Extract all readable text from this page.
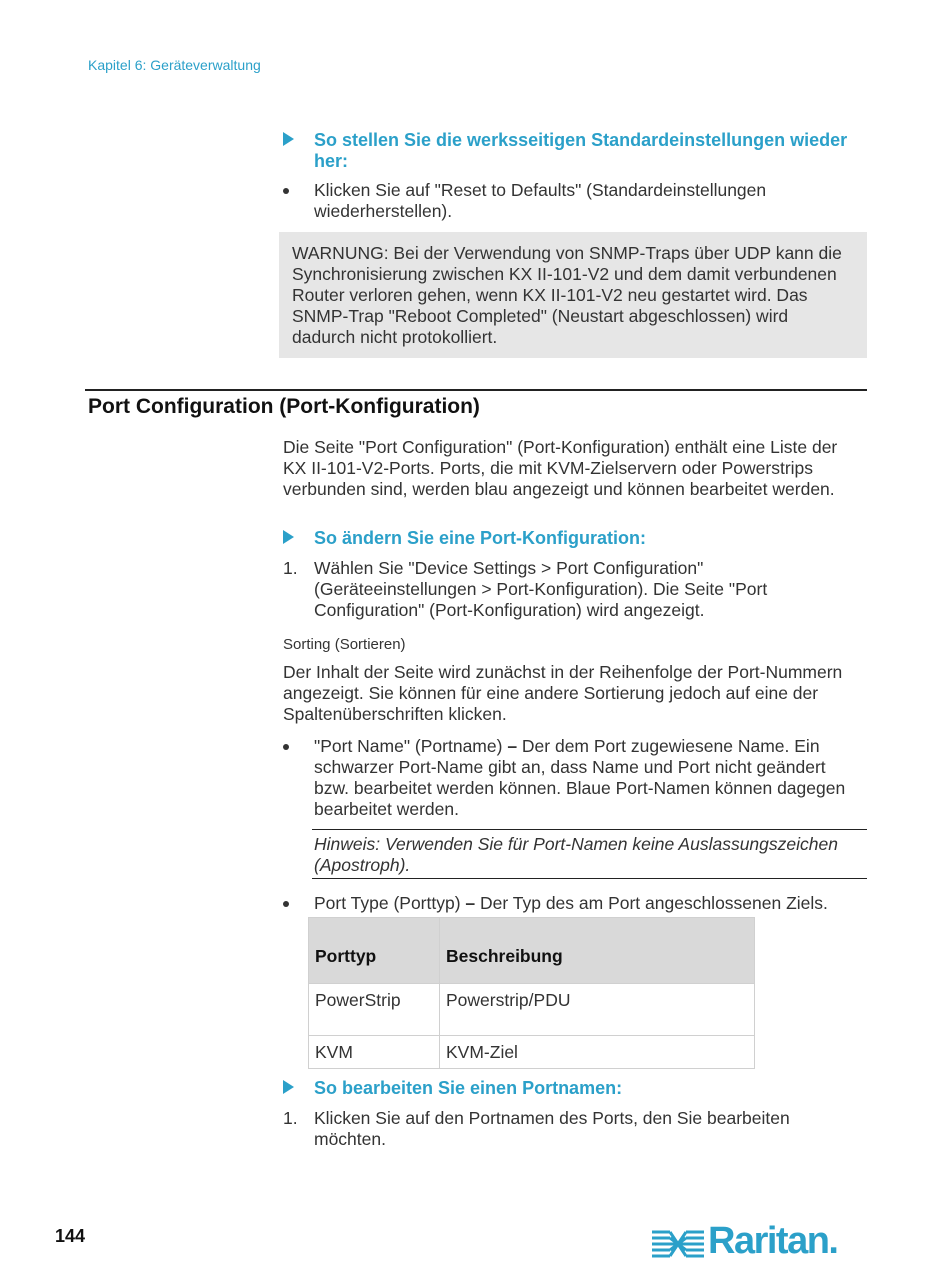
Kapitel 6: Geräteverwaltung
So stellen Sie die werksseitigen Standardeinstellungen wieder her:
Klicken Sie auf "Reset to Defaults" (Standardeinstellungen wiederherstellen).
WARNUNG: Bei der Verwendung von SNMP-Traps über UDP kann die Synchronisierung zwischen KX II-101-V2 und dem damit verbundenen Router verloren gehen, wenn KX II-101-V2 neu gestartet wird. Das SNMP-Trap "Reboot Completed" (Neustart abgeschlossen) wird dadurch nicht protokolliert.
Port Configuration (Port-Konfiguration)
Die Seite "Port Configuration" (Port-Konfiguration) enthält eine Liste der KX II-101-V2-Ports. Ports, die mit KVM-Zielservern oder Powerstrips verbunden sind, werden blau angezeigt und können bearbeitet werden.
So ändern Sie eine Port-Konfiguration:
1. Wählen Sie "Device Settings > Port Configuration" (Geräteeinstellungen > Port-Konfiguration). Die Seite "Port Configuration" (Port-Konfiguration) wird angezeigt.
Sorting (Sortieren)
Der Inhalt der Seite wird zunächst in der Reihenfolge der Port-Nummern angezeigt. Sie können für eine andere Sortierung jedoch auf eine der Spaltenüberschriften klicken.
"Port Name" (Portname) – Der dem Port zugewiesene Name. Ein schwarzer Port-Name gibt an, dass Name und Port nicht geändert bzw. bearbeitet werden können. Blaue Port-Namen können dagegen bearbeitet werden.
Hinweis: Verwenden Sie für Port-Namen keine Auslassungszeichen (Apostroph).
Port Type (Porttyp) – Der Typ des am Port angeschlossenen Ziels.
Porttyp	Beschreibung
PowerStrip	Powerstrip/PDU
KVM	KVM-Ziel
So bearbeiten Sie einen Portnamen:
1. Klicken Sie auf den Portnamen des Ports, den Sie bearbeiten möchten.
144	Raritan.
